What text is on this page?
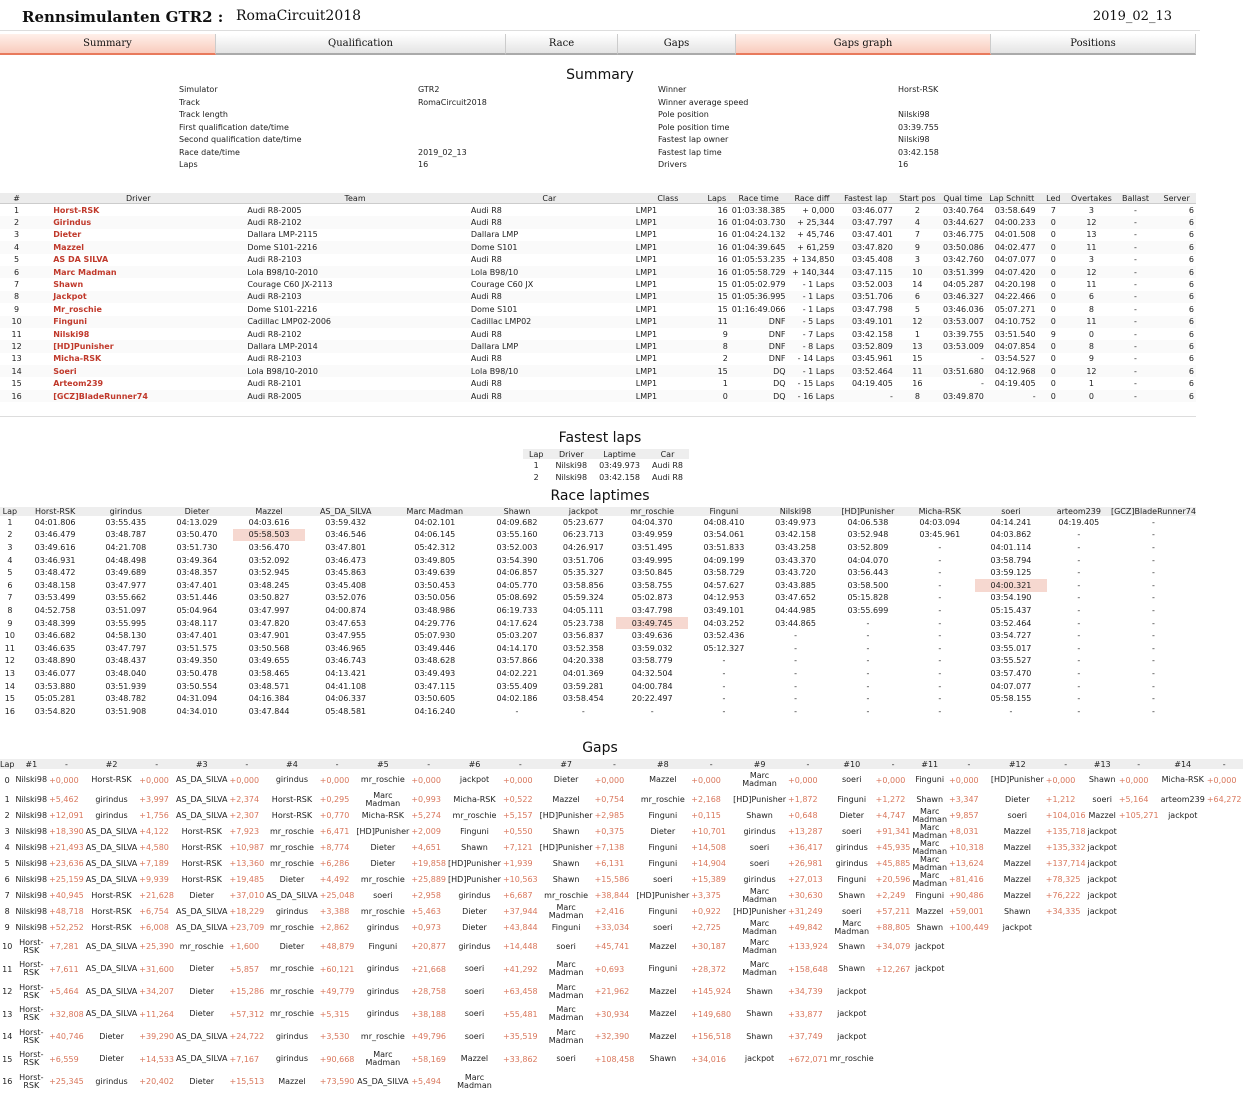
Rennsimulanten GTR2 : RomaCircuit2018	2019_02_13
Summary	Qualification	Race	Gaps	Gaps graph	Positions
Summary
Simulator	GTR2
Track	RomaCircuit2018
Track length
First qualification date/time
Second qualification date/time
Race date/time	2019_02_13
Laps	16
Winner	Horst-RSK
Winner average speed
Pole position	Nilski98
Pole position time	03:39.755
Fastest lap owner	Nilski98
Fastest lap time	03:42.158
Drivers	16
#	Driver	Team	Car	Class	Laps	Race time	Race diff	Fastest lap	Start pos	Qual time	Lap Schnitt	Led	Overtakes	Ballast	Server
1	Horst-RSK	Audi R8-2005	Audi R8	LMP1	16	01:03:38.385	+ 0,000	03:46.077	2	03:40.764	03:58.649	7	3	-	6
2	Girindus	Audi R8-2102	Audi R8	LMP1	16	01:04:03.730	+ 25,344	03:47.797	4	03:44.627	04:00.233	0	12	-	6
3	Dieter	Dallara LMP-2115	Dallara LMP	LMP1	16	01:04:24.132	+ 45,746	03:47.401	7	03:46.775	04:01.508	0	13	-	6
4	Mazzel	Dome S101-2216	Dome S101	LMP1	16	01:04:39.645	+ 61,259	03:47.820	9	03:50.086	04:02.477	0	11	-	6
5	AS DA SILVA	Audi R8-2103	Audi R8	LMP1	16	01:05:53.235	+ 134,850	03:45.408	3	03:42.760	04:07.077	0	3	-	6
6	Marc Madman	Lola B98/10-2010	Lola B98/10	LMP1	16	01:05:58.729	+ 140,344	03:47.115	10	03:51.399	04:07.420	0	12	-	6
7	Shawn	Courage C60 JX-2113	Courage C60 JX	LMP1	15	01:05:02.979	- 1 Laps	03:52.003	14	04:05.287	04:20.198	0	11	-	6
8	Jackpot	Audi R8-2103	Audi R8	LMP1	15	01:05:36.995	- 1 Laps	03:51.706	6	03:46.327	04:22.466	0	6	-	6
9	Mr_roschie	Dome S101-2216	Dome S101	LMP1	15	01:16:49.066	- 1 Laps	03:47.798	5	03:46.036	05:07.271	0	8	-	6
10	Finguni	Cadillac LMP02-2006	Cadillac LMP02	LMP1	11	DNF	- 5 Laps	03:49.101	12	03:53.007	04:10.752	0	11	-	6
11	Nilski98	Audi R8-2102	Audi R8	LMP1	9	DNF	- 7 Laps	03:42.158	1	03:39.755	03:51.540	9	0	-	6
12	[HD]Punisher	Dallara LMP-2014	Dallara LMP	LMP1	8	DNF	- 8 Laps	03:52.809	13	03:53.009	04:07.854	0	8	-	6
13	Micha-RSK	Audi R8-2103	Audi R8	LMP1	2	DNF	- 14 Laps	03:45.961	15	-	03:54.527	0	9	-	6
14	Soeri	Lola B98/10-2010	Lola B98/10	LMP1	15	DQ	- 1 Laps	03:52.464	11	03:51.680	04:12.968	0	12	-	6
15	Arteom239	Audi R8-2101	Audi R8	LMP1	1	DQ	- 15 Laps	04:19.405	16	-	04:19.405	0	1	-	6
16	[GCZ]BladeRunner74	Audi R8-2005	Audi R8	LMP1	0	DQ	- 16 Laps	-	8	03:49.870	-	0	0	-	6
Fastest laps
Lap	Driver	Laptime	Car
1	Nilski98	03:49.973	Audi R8
2	Nilski98	03:42.158	Audi R8
Race laptimes
Lap	Horst-RSK	girindus	Dieter	Mazzel	AS_DA_SILVA	Marc Madman	Shawn	jackpot	mr_roschie	Finguni	Nilski98	[HD]Punisher	Micha-RSK	soeri	arteom239	[GCZ]BladeRunner74
1	04:01.806	03:55.435	04:13.029	04:03.616	03:59.432	04:02.101	04:09.682	05:23.677	04:04.370	04:08.410	03:49.973	04:06.538	04:03.094	04:14.241	04:19.405	-
2	03:46.479	03:48.787	03:50.470	05:58.503	03:46.546	04:06.145	03:55.160	06:23.713	03:49.959	03:54.061	03:42.158	03:52.948	03:45.961	04:03.862	-	-
3	03:49.616	04:21.708	03:51.730	03:56.470	03:47.801	05:42.312	03:52.003	04:26.917	03:51.495	03:51.833	03:43.258	03:52.809	-	04:01.114	-	-
4	03:46.931	04:48.498	03:49.364	03:52.092	03:46.473	03:49.805	03:54.390	03:51.706	03:49.995	04:09.199	03:43.370	04:04.070	-	03:58.794	-	-
5	03:48.472	03:49.689	03:48.357	03:52.945	03:45.863	03:49.639	04:06.857	05:35.327	03:50.845	03:58.729	03:43.720	03:56.443	-	03:59.125	-	-
6	03:48.158	03:47.977	03:47.401	03:48.245	03:45.408	03:50.453	04:05.770	03:58.856	03:58.755	04:57.627	03:43.885	03:58.500	-	04:00.321	-	-
7	03:53.499	03:55.662	03:51.446	03:50.827	03:52.076	03:50.056	05:08.692	05:59.324	05:02.873	04:12.953	03:47.652	05:15.828	-	03:54.190	-	-
8	04:52.758	03:51.097	05:04.964	03:47.997	04:00.874	03:48.986	06:19.733	04:05.111	03:47.798	03:49.101	04:44.985	03:55.699	-	05:15.437	-	-
9	03:48.399	03:55.995	03:48.117	03:47.820	03:47.653	04:29.776	04:17.624	05:23.738	03:49.745	04:03.252	03:44.865	-	-	03:52.464	-	-
10	03:46.682	04:58.130	03:47.401	03:47.901	03:47.955	05:07.930	05:03.207	03:56.837	03:49.636	03:52.436	-	-	-	03:54.727	-	-
11	03:46.635	03:47.797	03:51.575	03:50.568	03:46.965	03:49.446	04:14.170	03:52.358	03:59.032	05:12.327	-	-	-	03:55.017	-	-
12	03:48.890	03:48.437	03:49.350	03:49.655	03:46.743	03:48.628	03:57.866	04:20.338	03:58.779	-	-	-	-	03:55.527	-	-
13	03:46.077	03:48.040	03:50.478	03:58.465	04:13.421	03:49.493	04:02.221	04:01.369	04:32.504	-	-	-	-	03:57.470	-	-
14	03:53.880	03:51.939	03:50.554	03:48.571	04:41.108	03:47.115	03:55.409	03:59.281	04:00.784	-	-	-	-	04:07.077	-	-
15	05:05.281	03:48.782	04:31.094	04:16.384	04:06.337	03:50.605	04:02.186	03:58.454	20:22.497	-	-	-	-	05:58.155	-	-
16	03:54.820	03:51.908	04:34.010	03:47.844	05:48.581	04:16.240	-	-	-	-	-	-	-	-	-	-
Gaps
Lap	#1	-	#2	-	#3	-	#4	-	#5	-	#6	-	#7	-	#8	-	#9	-	#10	-	#11	-	#12	-	#13	-	#14	-
0	Nilski98	+0,000	Horst-RSK	+0,000	AS_DA_SILVA	+0,000	girindus	+0,000	mr_roschie	+0,000	jackpot	+0,000	Dieter	+0,000	Mazzel	+0,000	Marc Madman	+0,000	soeri	+0,000	Finguni	+0,000	[HD]Punisher	+0,000	Shawn	+0,000	Micha-RSK	+0,000
1	Nilski98	+5,462	girindus	+3,997	AS_DA_SILVA	+2,374	Horst-RSK	+0,295	Marc Madman	+0,993	Micha-RSK	+0,522	Mazzel	+0,754	mr_roschie	+2,168	[HD]Punisher	+1,872	Finguni	+1,272	Shawn	+3,347	Dieter	+1,212	soeri	+5,164	arteom239	+64,272
2	Nilski98	+12,091	girindus	+1,756	AS_DA_SILVA	+2,307	Horst-RSK	+0,770	Micha-RSK	+5,274	mr_roschie	+5,157	[HD]Punisher	+2,985	Finguni	+0,115	Shawn	+0,648	Dieter	+4,747	Marc Madman	+9,857	soeri	+104,016	Mazzel	+105,271	jackpot	
3	Nilski98	+18,390	AS_DA_SILVA	+4,122	Horst-RSK	+7,923	mr_roschie	+6,471	[HD]Punisher	+2,009	Finguni	+0,550	Shawn	+0,375	Dieter	+10,701	girindus	+13,287	soeri	+91,341	Marc Madman	+8,031	Mazzel	+135,718	jackpot			
4	Nilski98	+21,493	AS_DA_SILVA	+4,580	Horst-RSK	+10,987	mr_roschie	+8,774	Dieter	+4,651	Shawn	+7,121	[HD]Punisher	+7,138	Finguni	+14,508	soeri	+36,417	girindus	+45,935	Marc Madman	+10,318	Mazzel	+135,332	jackpot			
5	Nilski98	+23,636	AS_DA_SILVA	+7,189	Horst-RSK	+13,360	mr_roschie	+6,286	Dieter	+19,858	[HD]Punisher	+1,939	Shawn	+6,131	Finguni	+14,904	soeri	+26,981	girindus	+45,885	Marc Madman	+13,624	Mazzel	+137,714	jackpot			
6	Nilski98	+25,159	AS_DA_SILVA	+9,939	Horst-RSK	+19,485	Dieter	+4,492	mr_roschie	+25,889	[HD]Punisher	+10,563	Shawn	+15,586	soeri	+15,389	girindus	+27,013	Finguni	+20,596	Marc Madman	+81,416	Mazzel	+78,325	jackpot			
7	Nilski98	+40,945	Horst-RSK	+21,628	Dieter	+37,010	AS_DA_SILVA	+25,048	soeri	+2,958	girindus	+6,687	mr_roschie	+38,844	[HD]Punisher	+3,375	Marc Madman	+30,630	Shawn	+2,249	Finguni	+90,486	Mazzel	+76,222	jackpot			
8	Nilski98	+48,718	Horst-RSK	+6,754	AS_DA_SILVA	+18,229	girindus	+3,388	mr_roschie	+5,463	Dieter	+37,944	Marc Madman	+2,416	Finguni	+0,922	[HD]Punisher	+31,249	soeri	+57,211	Mazzel	+59,001	Shawn	+34,335	jackpot			
9	Nilski98	+52,252	Horst-RSK	+6,008	AS_DA_SILVA	+23,709	mr_roschie	+2,862	girindus	+0,973	Dieter	+43,844	Finguni	+33,034	soeri	+2,725	Marc Madman	+49,842	Marc Madman	+88,805	Shawn	+100,449	jackpot					
10	Horst-RSK	+7,281	AS_DA_SILVA	+25,390	mr_roschie	+1,600	Dieter	+48,879	Finguni	+20,877	girindus	+14,448	soeri	+45,741	Mazzel	+30,187	Marc Madman	+133,924	Shawn	+34,079	jackpot							
11	Horst-RSK	+7,611	AS_DA_SILVA	+31,600	Dieter	+5,857	mr_roschie	+60,121	girindus	+21,668	soeri	+41,292	Marc Madman	+0,693	Finguni	+28,372	Marc Madman	+158,648	Shawn	+12,267	jackpot							
12	Horst-RSK	+5,464	AS_DA_SILVA	+34,207	Dieter	+15,286	mr_roschie	+49,779	girindus	+28,758	soeri	+63,458	Marc Madman	+21,962	Mazzel	+145,924	Shawn	+34,739	jackpot									
13	Horst-RSK	+32,808	AS_DA_SILVA	+11,264	Dieter	+57,312	mr_roschie	+5,315	girindus	+38,188	soeri	+55,481	Marc Madman	+30,934	Mazzel	+149,680	Shawn	+33,877	jackpot									
14	Horst-RSK	+40,746	Dieter	+39,290	AS_DA_SILVA	+24,722	girindus	+3,530	mr_roschie	+49,796	soeri	+35,519	Marc Madman	+32,390	Mazzel	+156,518	Shawn	+37,749	jackpot									
15	Horst-RSK	+6,559	Dieter	+14,533	AS_DA_SILVA	+7,167	girindus	+90,668	Marc Madman	+58,169	Mazzel	+33,862	soeri	+108,458	Shawn	+34,016	jackpot	+672,071	mr_roschie									
16	Horst-RSK	+25,345	girindus	+20,402	Dieter	+15,513	Mazzel	+73,590	AS_DA_SILVA	+5,494	Marc Madman																	
